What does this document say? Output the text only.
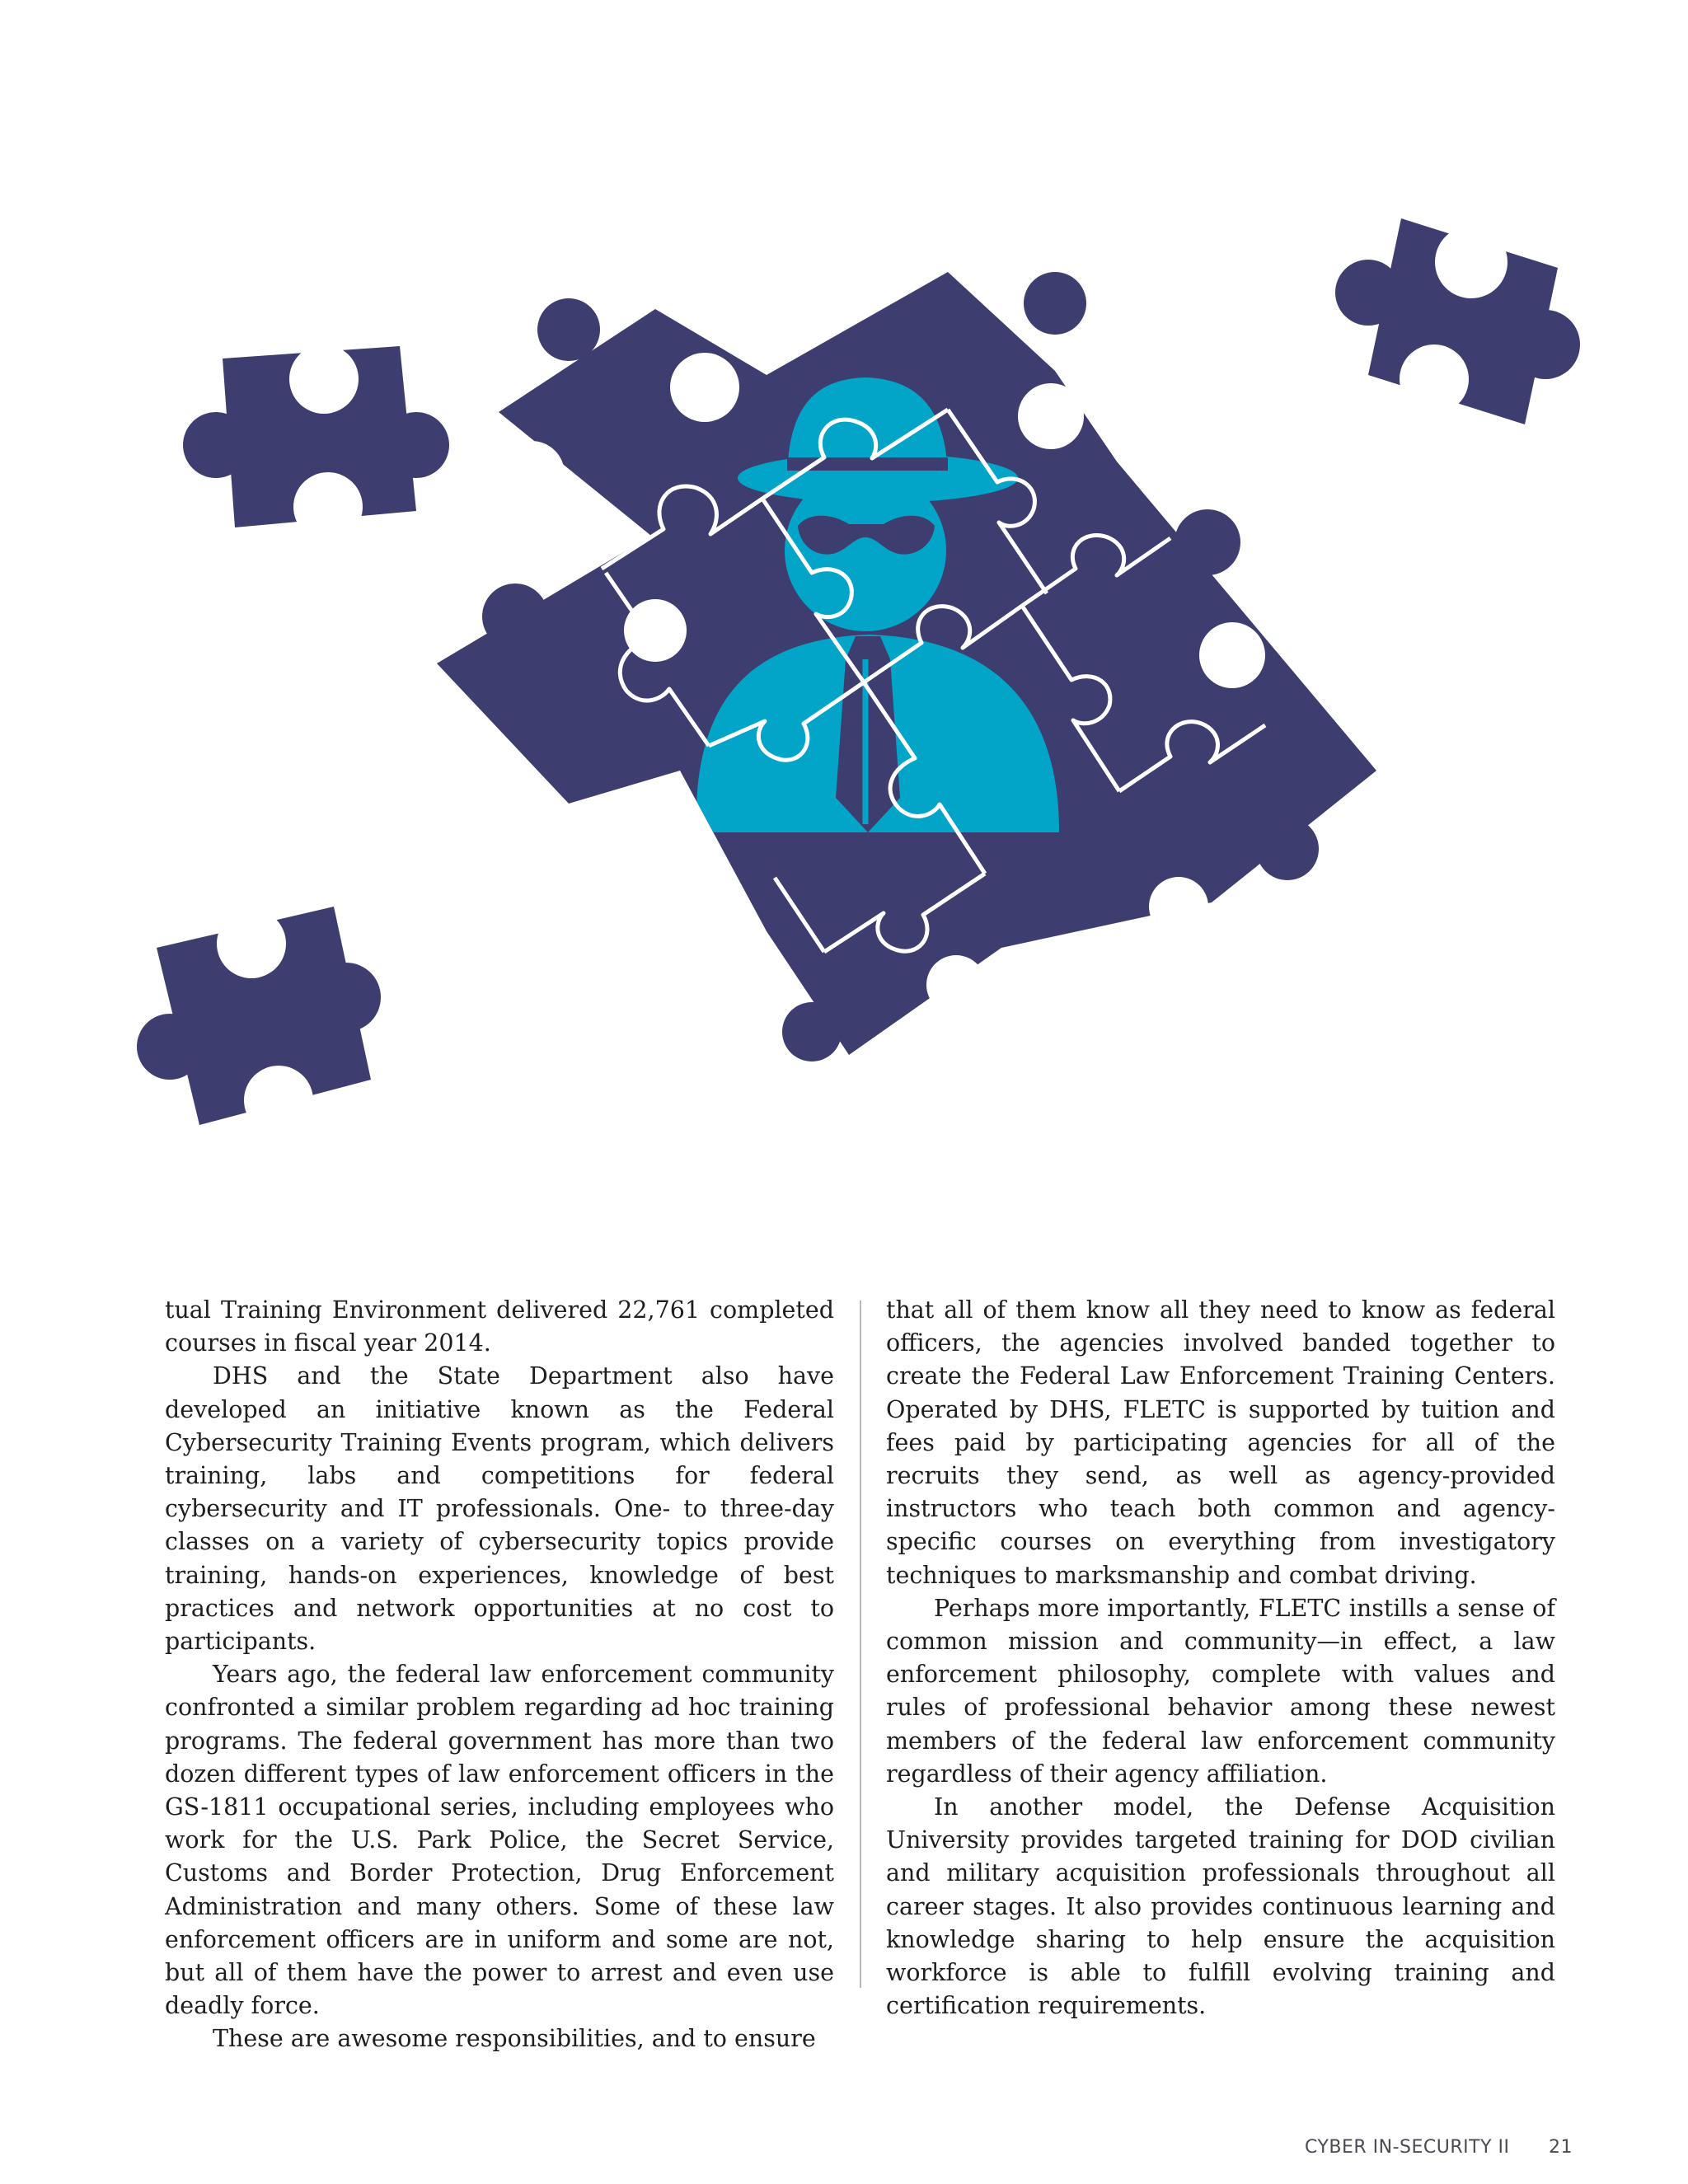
tual Training Environment delivered 22,761 completed courses in fiscal year 2014.

DHS and the State Department also have developed an initiative known as the Federal Cybersecurity Training Events program, which delivers training, labs and competitions for federal cybersecurity and IT professionals. One- to three-day classes on a variety of cybersecurity topics provide training, hands-on experiences, knowledge of best practices and network opportunities at no cost to participants.

Years ago, the federal law enforcement community confronted a similar problem regarding ad hoc training programs. The federal government has more than two dozen different types of law enforcement officers in the GS-1811 occupational series, including employees who work for the U.S. Park Police, the Secret Service, Customs and Border Protection, Drug Enforcement Administration and many others. Some of these law enforcement officers are in uniform and some are not, but all of them have the power to arrest and even use deadly force.

These are awesome responsibilities, and to ensure

that all of them know all they need to know as federal officers, the agencies involved banded together to create the Federal Law Enforcement Training Centers. Operated by DHS, FLETC is supported by tuition and fees paid by participating agencies for all of the recruits they send, as well as agency-provided instructors who teach both common and agency-specific courses on everything from investigatory techniques to marksmanship and combat driving.

Perhaps more importantly, FLETC instills a sense of common mission and community—in effect, a law enforcement philosophy, complete with values and rules of professional behavior among these newest members of the federal law enforcement community regardless of their agency affiliation.

In another model, the Defense Acquisition University provides targeted training for DOD civilian and military acquisition professionals throughout all career stages. It also provides continuous learning and knowledge sharing to help ensure the acquisition workforce is able to fulfill evolving training and certification requirements.

CYBER IN-SECURITY II 21
